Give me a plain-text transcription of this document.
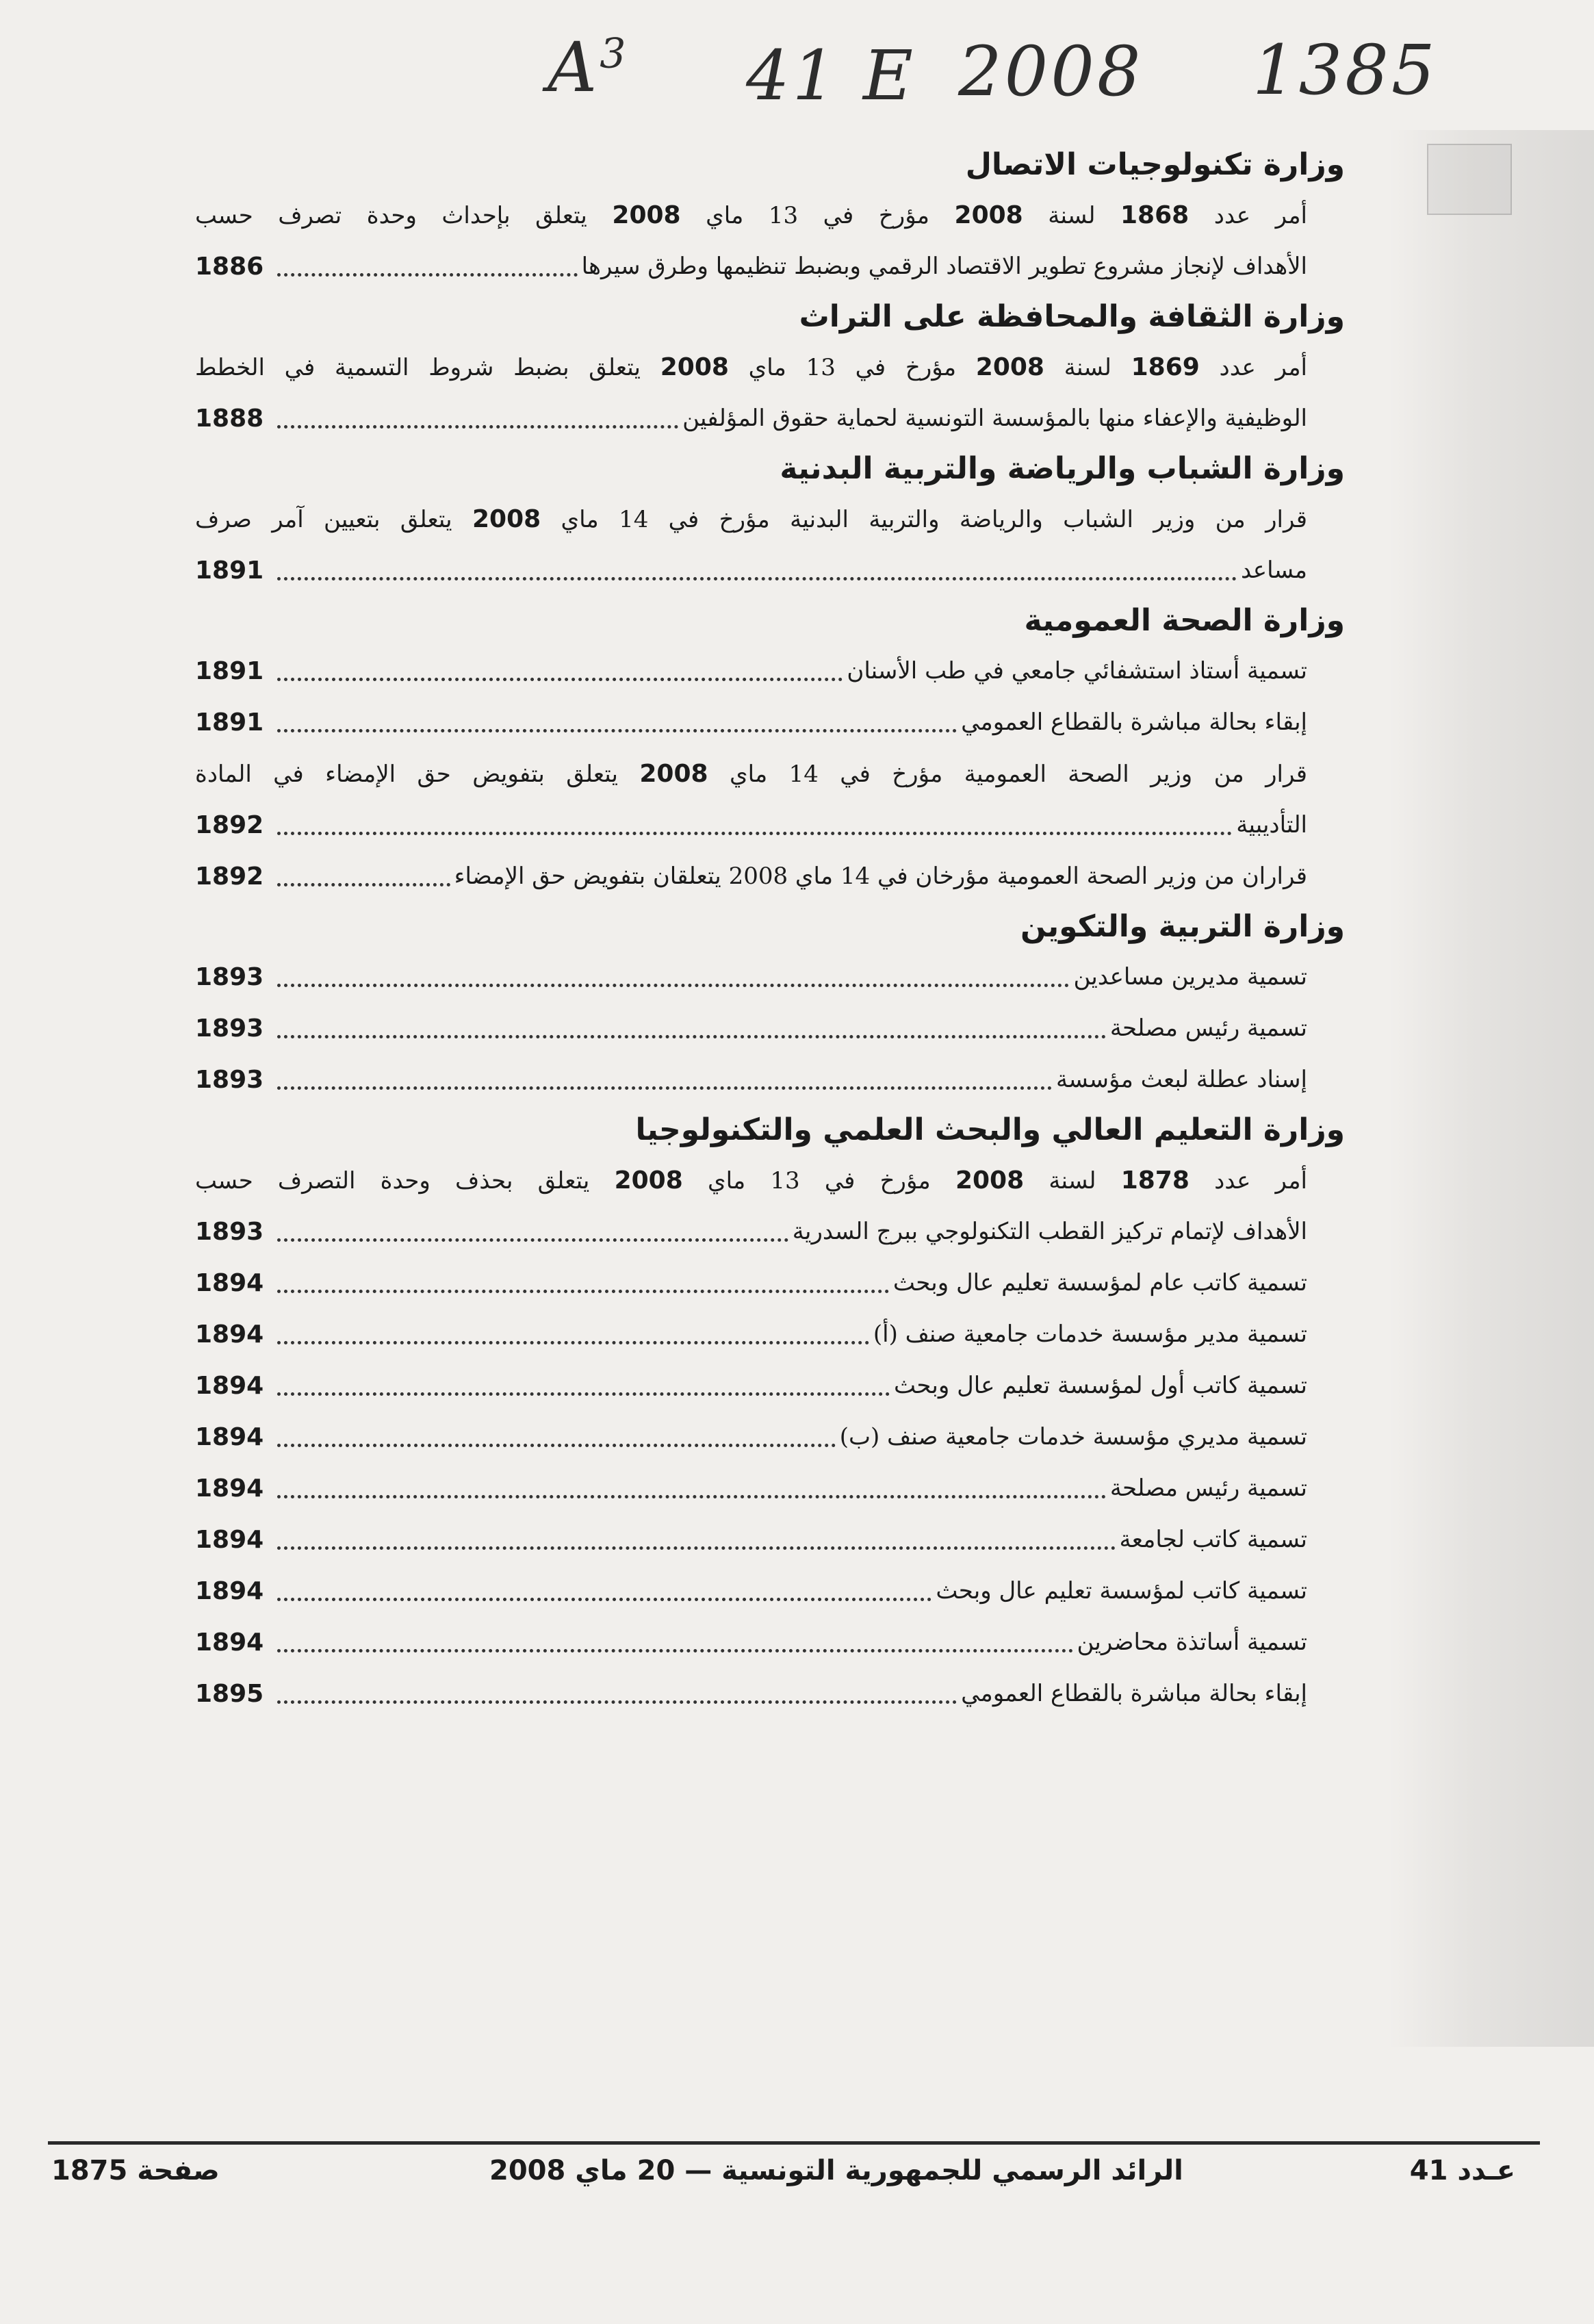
$A^3$ 41 E 2008 1385
وزارة تكنولوجيات الاتصال
أمر عدد 1868 لسنة 2008 مؤرخ في 13 ماي 2008 يتعلق بإحداث وحدة تصرف حسب
الأهداف لإنجاز مشروع تطوير الاقتصاد الرقمي وبضبط تنظيمها وطرق سيرها
1886
وزارة الثقافة والمحافظة على التراث
أمر عدد 1869 لسنة 2008 مؤرخ في 13 ماي 2008 يتعلق بضبط شروط التسمية في الخطط
الوظيفية والإعفاء منها بالمؤسسة التونسية لحماية حقوق المؤلفين
1888
وزارة الشباب والرياضة والتربية البدنية
قرار من وزير الشباب والرياضة والتربية البدنية مؤرخ في 14 ماي 2008 يتعلق بتعيين آمر صرف
مساعد
1891
وزارة الصحة العمومية
تسمية أستاذ استشفائي جامعي في طب الأسنان
1891
إبقاء بحالة مباشرة بالقطاع العمومي
1891
قرار من وزير الصحة العمومية مؤرخ في 14 ماي 2008 يتعلق بتفويض حق الإمضاء في المادة
التأديبية
1892
قراران من وزير الصحة العمومية مؤرخان في 14 ماي 2008 يتعلقان بتفويض حق الإمضاء
1892
وزارة التربية والتكوين
تسمية مديرين مساعدين
1893
تسمية رئيس مصلحة
1893
إسناد عطلة لبعث مؤسسة
1893
وزارة التعليم العالي والبحث العلمي والتكنولوجيا
أمر عدد 1878 لسنة 2008 مؤرخ في 13 ماي 2008 يتعلق بحذف وحدة التصرف حسب
الأهداف لإتمام تركيز القطب التكنولوجي ببرج السدرية
1893
تسمية كاتب عام لمؤسسة تعليم عال وبحث
1894
تسمية مدير مؤسسة خدمات جامعية صنف (أ)
1894
تسمية كاتب أول لمؤسسة تعليم عال وبحث
1894
تسمية مديري مؤسسة خدمات جامعية صنف (ب)
1894
تسمية رئيس مصلحة
1894
تسمية كاتب لجامعة
1894
تسمية كاتب لمؤسسة تعليم عال وبحث
1894
تسمية أساتذة محاضرين
1894
إبقاء بحالة مباشرة بالقطاع العمومي
1895
عـدد 41
الرائد الرسمي للجمهورية التونسية — 20 ماي 2008
صفحة 1875
